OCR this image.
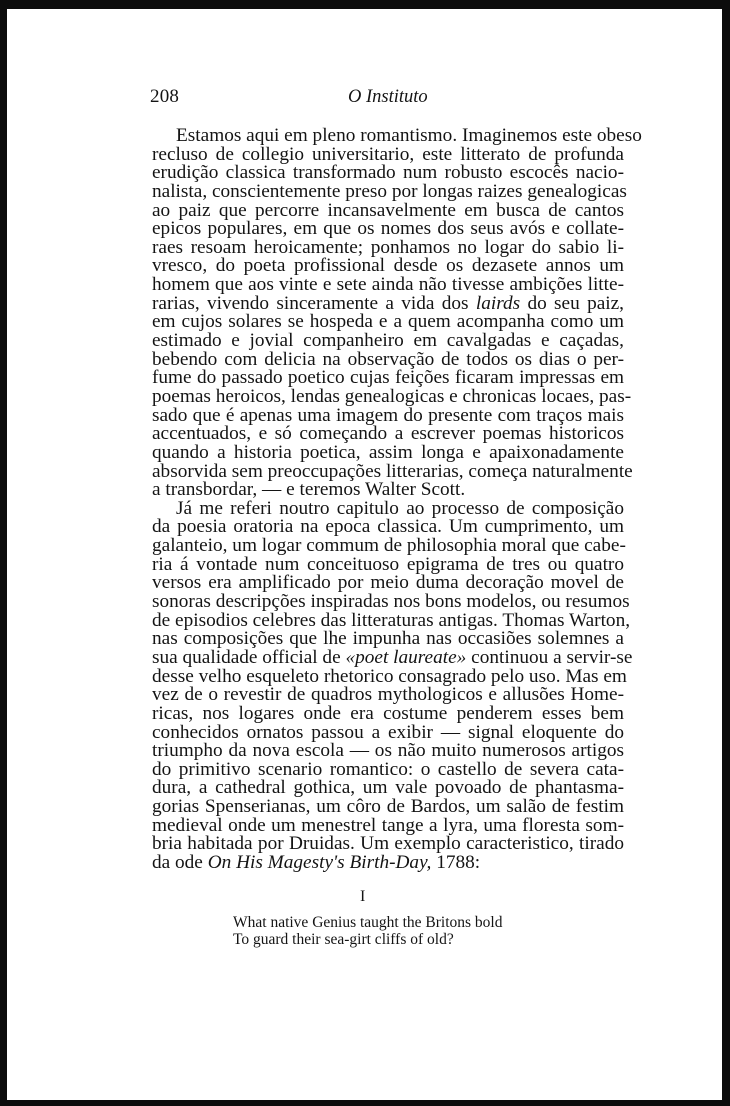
208	O Instituto
Estamos aqui em pleno romantismo. Imaginemos este obeso
recluso de collegio universitario, este litterato de profunda
erudição classica transformado num robusto escocês nacio-
nalista, conscientemente preso por longas raizes genealogicas
ao paiz que percorre incansavelmente em busca de cantos
epicos populares, em que os nomes dos seus avós e collate-
raes resoam heroicamente; ponhamos no logar do sabio li-
vresco, do poeta profissional desde os dezasete annos um
homem que aos vinte e sete ainda não tivesse ambições litte-
rarias, vivendo sinceramente a vida dos lairds do seu paiz,
em cujos solares se hospeda e a quem acompanha como um
estimado e jovial companheiro em cavalgadas e caçadas,
bebendo com delicia na observação de todos os dias o per-
fume do passado poetico cujas feições ficaram impressas em
poemas heroicos, lendas genealogicas e chronicas locaes, pas-
sado que é apenas uma imagem do presente com traços mais
accentuados, e só começando a escrever poemas historicos
quando a historia poetica, assim longa e apaixonadamente
absorvida sem preoccupações litterarias, começa naturalmente
a transbordar, — e teremos Walter Scott.
Já me referi noutro capitulo ao processo de composição
da poesia oratoria na epoca classica. Um cumprimento, um
galanteio, um logar commum de philosophia moral que cabe-
ria á vontade num conceituoso epigrama de tres ou quatro
versos era amplificado por meio duma decoração movel de
sonoras descripções inspiradas nos bons modelos, ou resumos
de episodios celebres das litteraturas antigas. Thomas Warton,
nas composições que lhe impunha nas occasiões solemnes a
sua qualidade official de «poet laureate» continuou a servir-se
desse velho esqueleto rhetorico consagrado pelo uso. Mas em
vez de o revestir de quadros mythologicos e allusões Home-
ricas, nos logares onde era costume penderem esses bem
conhecidos ornatos passou a exibir — signal eloquente do
triumpho da nova escola — os não muito numerosos artigos
do primitivo scenario romantico: o castello de severa cata-
dura, a cathedral gothica, um vale povoado de phantasma-
gorias Spenserianas, um côro de Bardos, um salão de festim
medieval onde um menestrel tange a lyra, uma floresta som-
bria habitada por Druidas. Um exemplo caracteristico, tirado
da ode On His Magesty's Birth-Day, 1788:
I
What native Genius taught the Britons bold
To guard their sea-girt cliffs of old?
